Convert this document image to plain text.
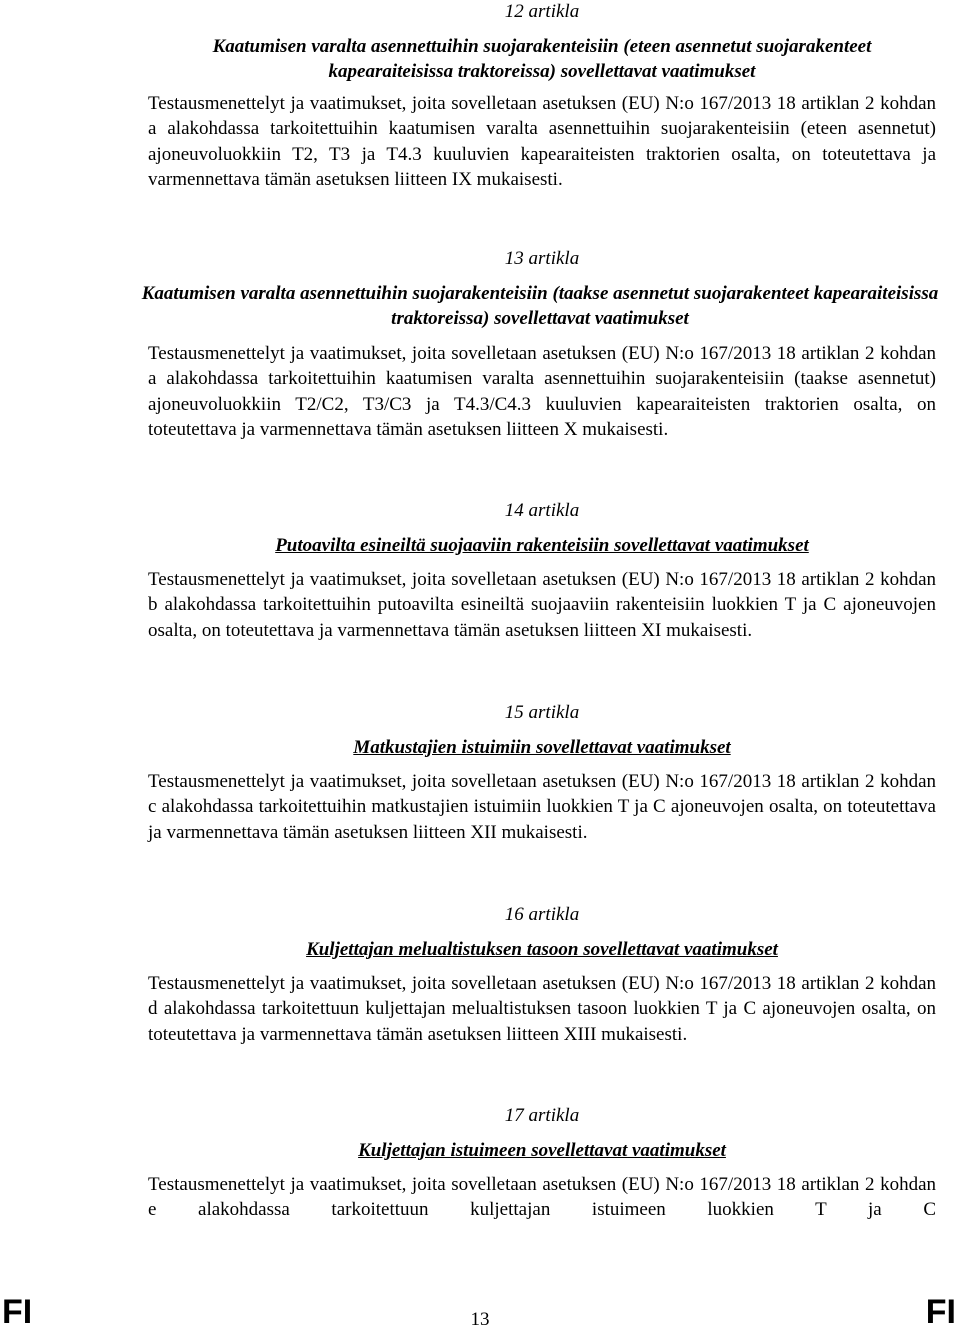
12 artikla
Kaatumisen varalta asennettuihin suojarakenteisiin (eteen asennetut suojarakenteet kapearaiteisissa traktoreissa) sovellettavat vaatimukset
Testausmenettelyt ja vaatimukset, joita sovelletaan asetuksen (EU) N:o 167/2013 18 artiklan 2 kohdan a alakohdassa tarkoitettuihin kaatumisen varalta asennettuihin suojarakenteisiin (eteen asennetut) ajoneuvoluokkiin T2, T3 ja T4.3 kuuluvien kapearaiteisten traktorien osalta, on toteutettava ja varmennettava tämän asetuksen liitteen IX mukaisesti.
13 artikla
Kaatumisen varalta asennettuihin suojarakenteisiin (taakse asennetut suojarakenteet kapearaiteisissa traktoreissa) sovellettavat vaatimukset
Testausmenettelyt ja vaatimukset, joita sovelletaan asetuksen (EU) N:o 167/2013 18 artiklan 2 kohdan a alakohdassa tarkoitettuihin kaatumisen varalta asennettuihin suojarakenteisiin (taakse asennetut) ajoneuvoluokkiin T2/C2, T3/C3 ja T4.3/C4.3 kuuluvien kapearaiteisten traktorien osalta, on toteutettava ja varmennettava tämän asetuksen liitteen X mukaisesti.
14 artikla
Putoavilta esineiltä suojaaviin rakenteisiin sovellettavat vaatimukset
Testausmenettelyt ja vaatimukset, joita sovelletaan asetuksen (EU) N:o 167/2013 18 artiklan 2 kohdan b alakohdassa tarkoitettuihin putoavilta esineiltä suojaaviin rakenteisiin luokkien T ja C ajoneuvojen osalta, on toteutettava ja varmennettava tämän asetuksen liitteen XI mukaisesti.
15 artikla
Matkustajien istuimiin sovellettavat vaatimukset
Testausmenettelyt ja vaatimukset, joita sovelletaan asetuksen (EU) N:o 167/2013 18 artiklan 2 kohdan c alakohdassa tarkoitettuihin matkustajien istuimiin luokkien T ja C ajoneuvojen osalta, on toteutettava ja varmennettava tämän asetuksen liitteen XII mukaisesti.
16 artikla
Kuljettajan melualtistuksen tasoon sovellettavat vaatimukset
Testausmenettelyt ja vaatimukset, joita sovelletaan asetuksen (EU) N:o 167/2013 18 artiklan 2 kohdan d alakohdassa tarkoitettuun kuljettajan melualtistuksen tasoon luokkien T ja C ajoneuvojen osalta, on toteutettava ja varmennettava tämän asetuksen liitteen XIII mukaisesti.
17 artikla
Kuljettajan istuimeen sovellettavat vaatimukset
Testausmenettelyt ja vaatimukset, joita sovelletaan asetuksen (EU) N:o 167/2013 18 artiklan 2 kohdan e alakohdassa tarkoitettuun kuljettajan istuimeen luokkien T ja C
FI	13	FI
